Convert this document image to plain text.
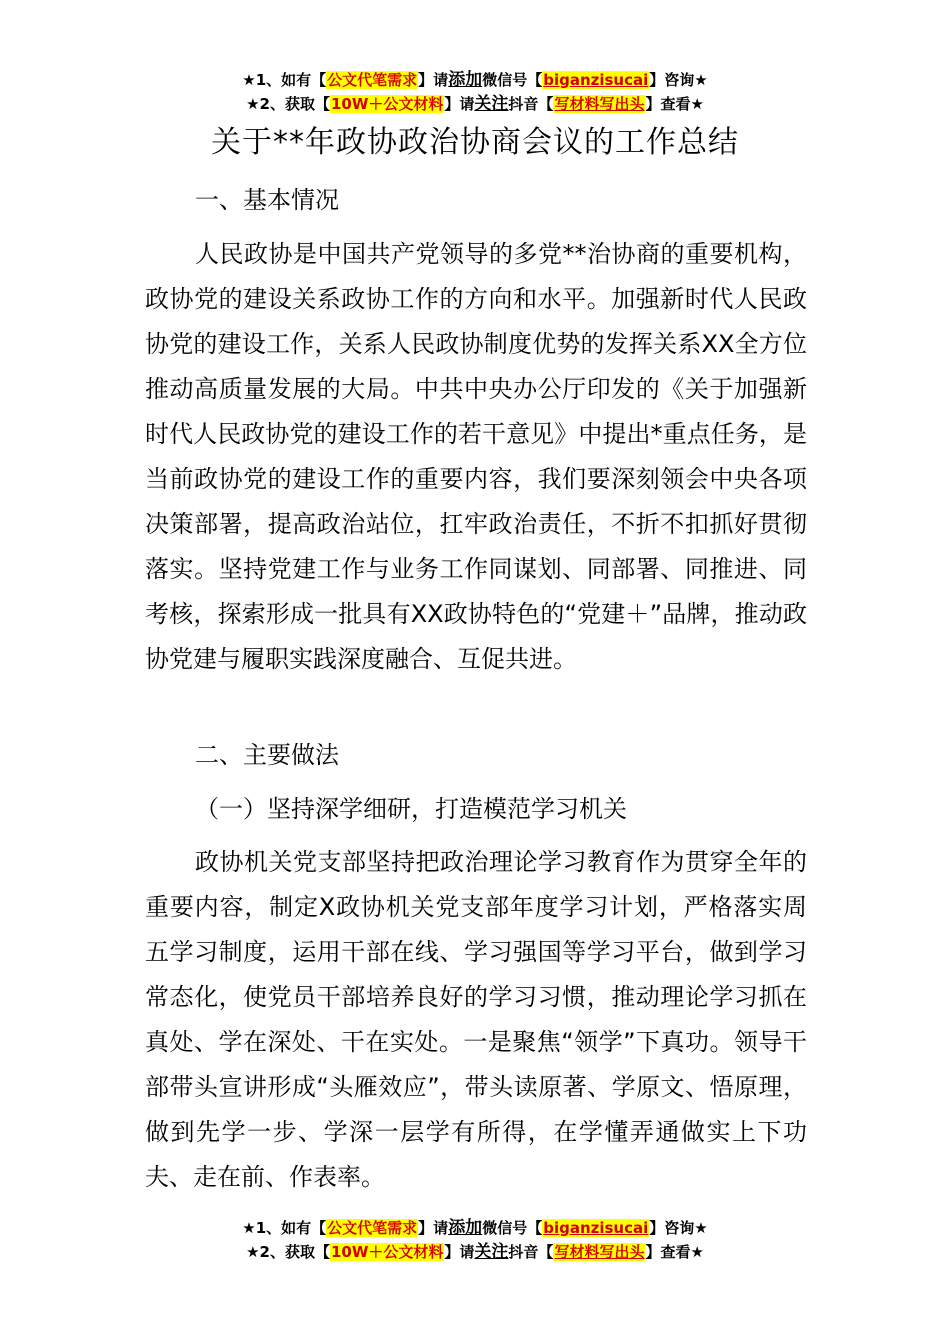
★1、如有【公文代笔需求】请添加微信号【biganzisucai】咨询★
★2、获取【10W＋公文材料】请关注抖音【写材料写出头】查看★
关于**年政协政治协商会议的工作总结

一、基本情况

人民政协是中国共产党领导的多党**治协商的重要机构，政协党的建设关系政协工作的方向和水平。加强新时代人民政协党的建设工作，关系人民政协制度优势的发挥关系XX全方位推动高质量发展的大局。中共中央办公厅印发的《关于加强新时代人民政协党的建设工作的若干意见》中提出*重点任务，是当前政协党的建设工作的重要内容，我们要深刻领会中央各项决策部署，提高政治站位，扛牢政治责任，不折不扣抓好贯彻落实。坚持党建工作与业务工作同谋划、同部署、同推进、同考核，探索形成一批具有XX政协特色的“党建＋”品牌，推动政协党建与履职实践深度融合、互促共进。

二、主要做法

（一）坚持深学细研，打造模范学习机关

政协机关党支部坚持把政治理论学习教育作为贯穿全年的重要内容，制定X政协机关党支部年度学习计划，严格落实周五学习制度，运用干部在线、学习强国等学习平台，做到学习常态化，使党员干部培养良好的学习习惯，推动理论学习抓在真处、学在深处、干在实处。一是聚焦“领学”下真功。领导干部带头宣讲形成“头雁效应”，带头读原著、学原文、悟原理，做到先学一步、学深一层学有所得，在学懂弄通做实上下功夫、走在前、作表率。

★1、如有【公文代笔需求】请添加微信号【biganzisucai】咨询★
★2、获取【10W＋公文材料】请关注抖音【写材料写出头】查看★
